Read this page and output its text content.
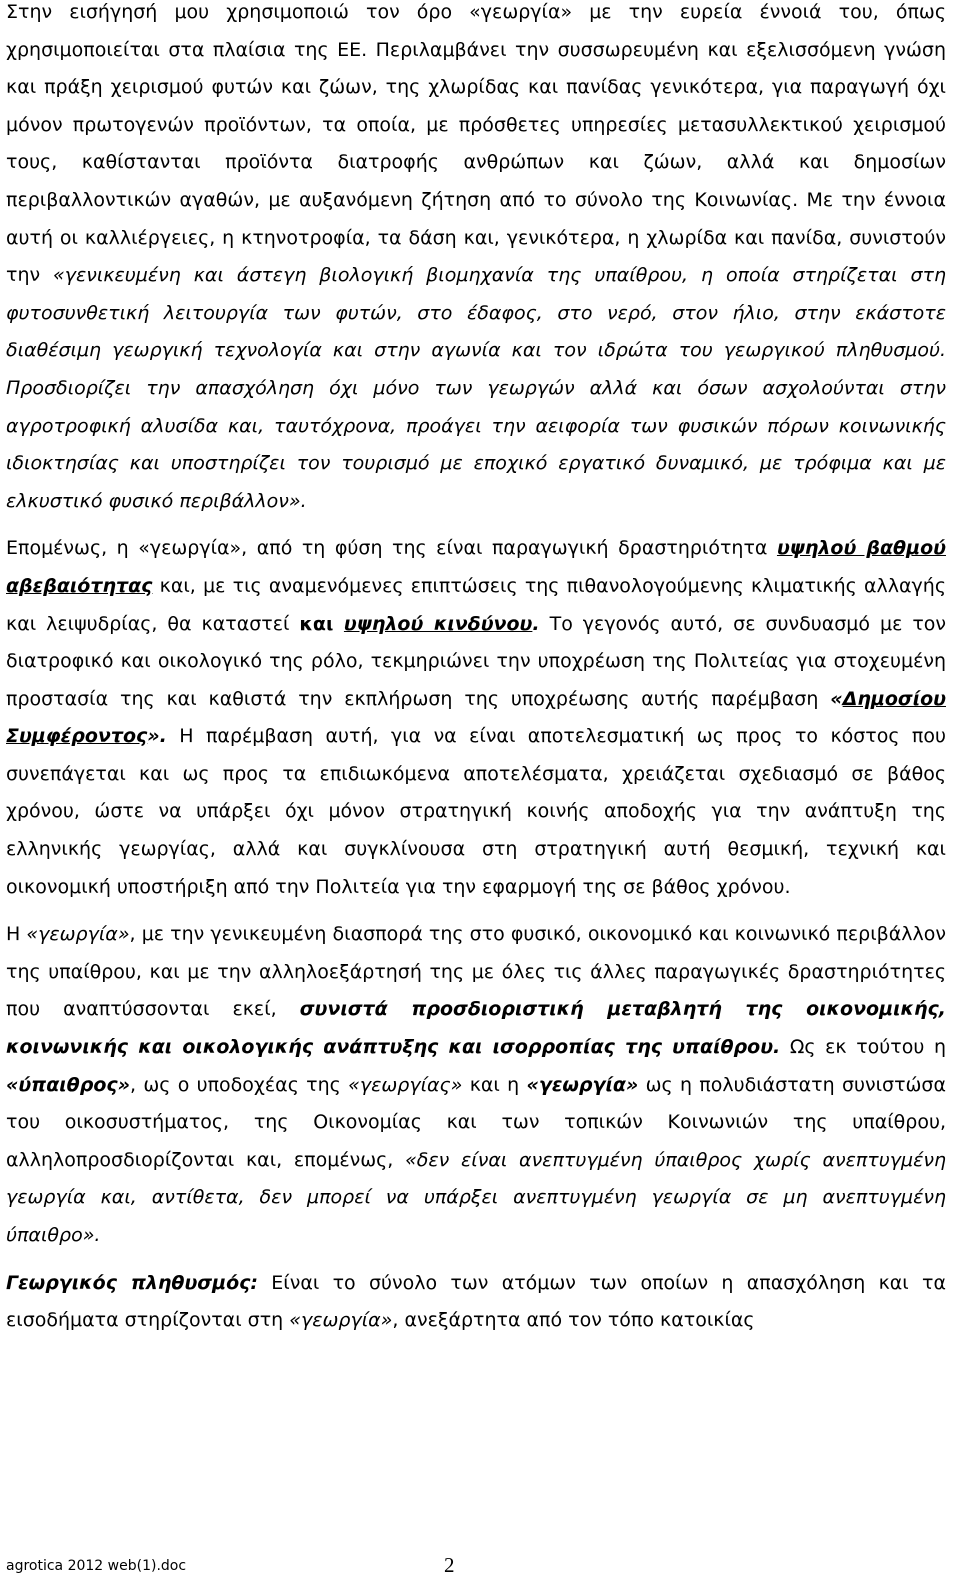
Στην εισήγησή μου χρησιμοποιώ τον όρο «γεωργία» με την ευρεία έννοιά του, όπως χρησιμοποιείται στα πλαίσια της ΕΕ. Περιλαμβάνει την συσσωρευμένη και εξελισσόμενη γνώση και πράξη χειρισμού φυτών και ζώων, της χλωρίδας και πανίδας γενικότερα, για παραγωγή όχι μόνον πρωτογενών προϊόντων, τα οποία, με πρόσθετες υπηρεσίες μετασυλλεκτικού χειρισμού τους, καθίστανται προϊόντα διατροφής ανθρώπων και ζώων, αλλά και δημοσίων περιβαλλοντικών αγαθών, με αυξανόμενη ζήτηση από το σύνολο της Κοινωνίας. Με την έννοια αυτή οι καλλιέργειες, η κτηνοτροφία, τα δάση και, γενικότερα, η χλωρίδα και πανίδα, συνιστούν την «γενικευμένη και άστεγη βιολογική βιομηχανία της υπαίθρου, η οποία στηρίζεται στη φυτοσυνθετική λειτουργία των φυτών, στο έδαφος, στο νερό, στον ήλιο, στην εκάστοτε διαθέσιμη γεωργική τεχνολογία και στην αγωνία και τον ιδρώτα του γεωργικού πληθυσμού. Προσδιορίζει την απασχόληση όχι μόνο των γεωργών αλλά και όσων ασχολούνται στην αγροτροφική αλυσίδα και, ταυτόχρονα, προάγει την αειφορία των φυσικών πόρων κοινωνικής ιδιοκτησίας και υποστηρίζει τον τουρισμό με εποχικό εργατικό δυναμικό, με τρόφιμα και με ελκυστικό φυσικό περιβάλλον».

Επομένως, η «γεωργία», από τη φύση της είναι παραγωγική δραστηριότητα υψηλού βαθμού αβεβαιότητας και, με τις αναμενόμενες επιπτώσεις της πιθανολογούμενης κλιματικής αλλαγής και λειψυδρίας, θα καταστεί και υψηλού κινδύνου. Το γεγονός αυτό, σε συνδυασμό με τον διατροφικό και οικολογικό της ρόλο, τεκμηριώνει την υποχρέωση της Πολιτείας για στοχευμένη προστασία της και καθιστά την εκπλήρωση της υποχρέωσης αυτής παρέμβαση «Δημοσίου Συμφέροντος». Η παρέμβαση αυτή, για να είναι αποτελεσματική ως προς το κόστος που συνεπάγεται και ως προς τα επιδιωκόμενα αποτελέσματα, χρειάζεται σχεδιασμό σε βάθος χρόνου, ώστε να υπάρξει όχι μόνον στρατηγική κοινής αποδοχής για την ανάπτυξη της ελληνικής γεωργίας, αλλά και συγκλίνουσα στη στρατηγική αυτή θεσμική, τεχνική και οικονομική υποστήριξη από την Πολιτεία για την εφαρμογή της σε βάθος χρόνου.

Η «γεωργία», με την γενικευμένη διασπορά της στο φυσικό, οικονομικό και κοινωνικό περιβάλλον της υπαίθρου, και με την αλληλοεξάρτησή της με όλες τις άλλες παραγωγικές δραστηριότητες που αναπτύσσονται εκεί, συνιστά προσδιοριστική μεταβλητή της οικονομικής, κοινωνικής και οικολογικής ανάπτυξης και ισορροπίας της υπαίθρου. Ως εκ τούτου η «ύπαιθρος», ως ο υποδοχέας της «γεωργίας» και η «γεωργία» ως η πολυδιάστατη συνιστώσα του οικοσυστήματος, της Οικονομίας και των τοπικών Κοινωνιών της υπαίθρου, αλληλοπροσδιορίζονται και, επομένως, «δεν είναι ανεπτυγμένη ύπαιθρος χωρίς ανεπτυγμένη γεωργία και, αντίθετα, δεν μπορεί να υπάρξει ανεπτυγμένη γεωργία σε μη ανεπτυγμένη ύπαιθρο».

Γεωργικός πληθυσμός: Είναι το σύνολο των ατόμων των οποίων η απασχόληση και τα εισοδήματα στηρίζονται στη «γεωργία», ανεξάρτητα από τον τόπο κατοικίας

agrotica 2012 web(1).doc	2
